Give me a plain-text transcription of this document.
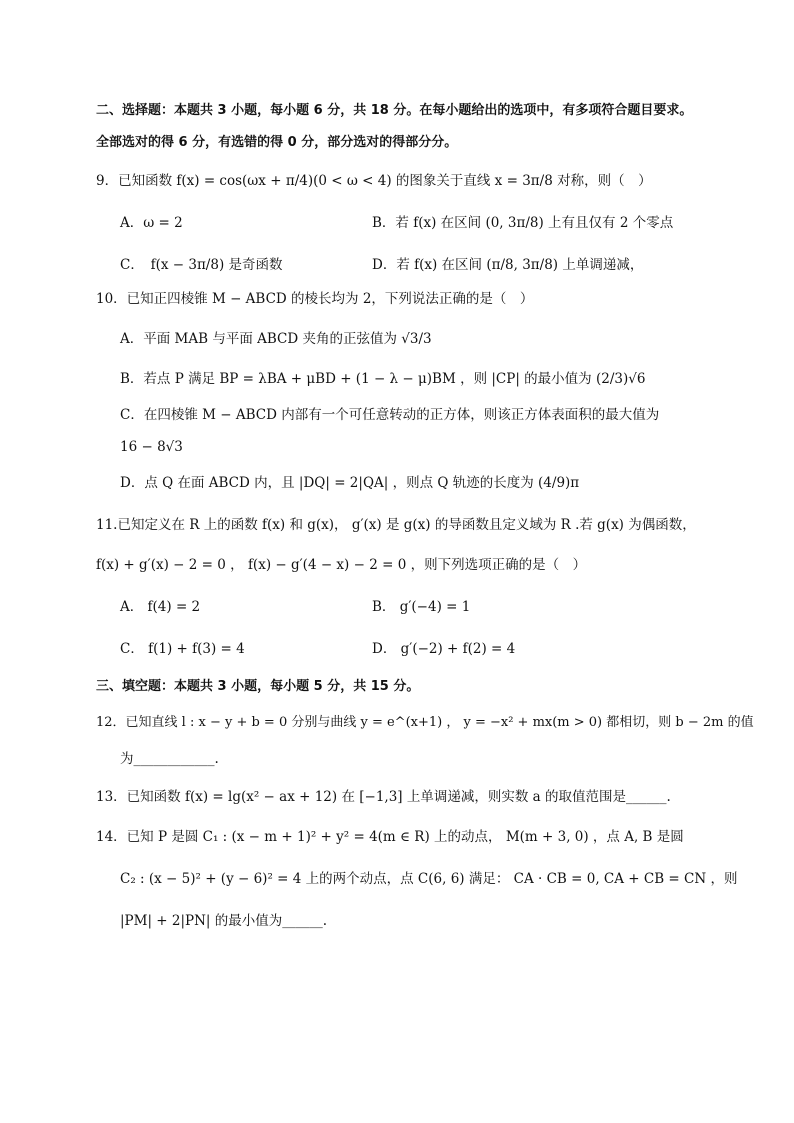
二、选择题：本题共 3 小题，每小题 6 分，共 18 分。在每小题给出的选项中，有多项符合题目要求。
全部选对的得 6 分，有选错的得 0 分，部分选对的得部分分。
9．已知函数 f(x) = cos(ωx + π/4)(0 < ω < 4) 的图象关于直线 x = 3π/8 对称，则（　）
A．ω = 2	B．若 f(x) 在区间 (0, 3π/8) 上有且仅有 2 个零点
C．　f(x − 3π/8) 是奇函数	D．若 f(x) 在区间 (π/8, 3π/8) 上单调递减，
10．已知正四棱锥 M − ABCD 的棱长均为 2，下列说法正确的是（　）
A．平面 MAB 与平面 ABCD 夹角的正弦值为 √3/3
B．若点 P 满足 BP = λBA + μBD + (1 − λ − μ)BM ，则 |CP| 的最小值为 (2/3)√6
C．在四棱锥 M − ABCD 内部有一个可任意转动的正方体，则该正方体表面积的最大值为
16 − 8√3
D．点 Q 在面 ABCD 内，且 |DQ| = 2|QA| ，则点 Q 轨迹的长度为 (4/9)π
11.已知定义在 R 上的函数 f(x) 和 g(x)， g′(x) 是 g(x) 的导函数且定义域为 R .若 g(x) 为偶函数，
f(x) + g′(x) − 2 = 0 ， f(x) − g′(4 − x) − 2 = 0 ，则下列选项正确的是（　）
A． f(4) = 2	B． g′(−4) = 1
C． f(1) + f(3) = 4	D． g′(−2) + f(2) = 4
三、填空题：本题共 3 小题，每小题 5 分，共 15 分。
12．已知直线 l : x − y + b = 0 分别与曲线 y = e^(x+1) ， y = −x² + mx(m > 0) 都相切，则 b − 2m 的值
为____________.
13．已知函数 f(x) = lg(x² − ax + 12) 在 [−1,3] 上单调递减，则实数 a 的取值范围是______.
14．已知 P 是圆 C₁ : (x − m + 1)² + y² = 4(m ∈ R) 上的动点， M(m + 3, 0) ，点 A, B 是圆
C₂ : (x − 5)² + (y − 6)² = 4 上的两个动点，点 C(6, 6) 满足： CA · CB = 0, CA + CB = CN ，则
|PM| + 2|PN| 的最小值为______.
